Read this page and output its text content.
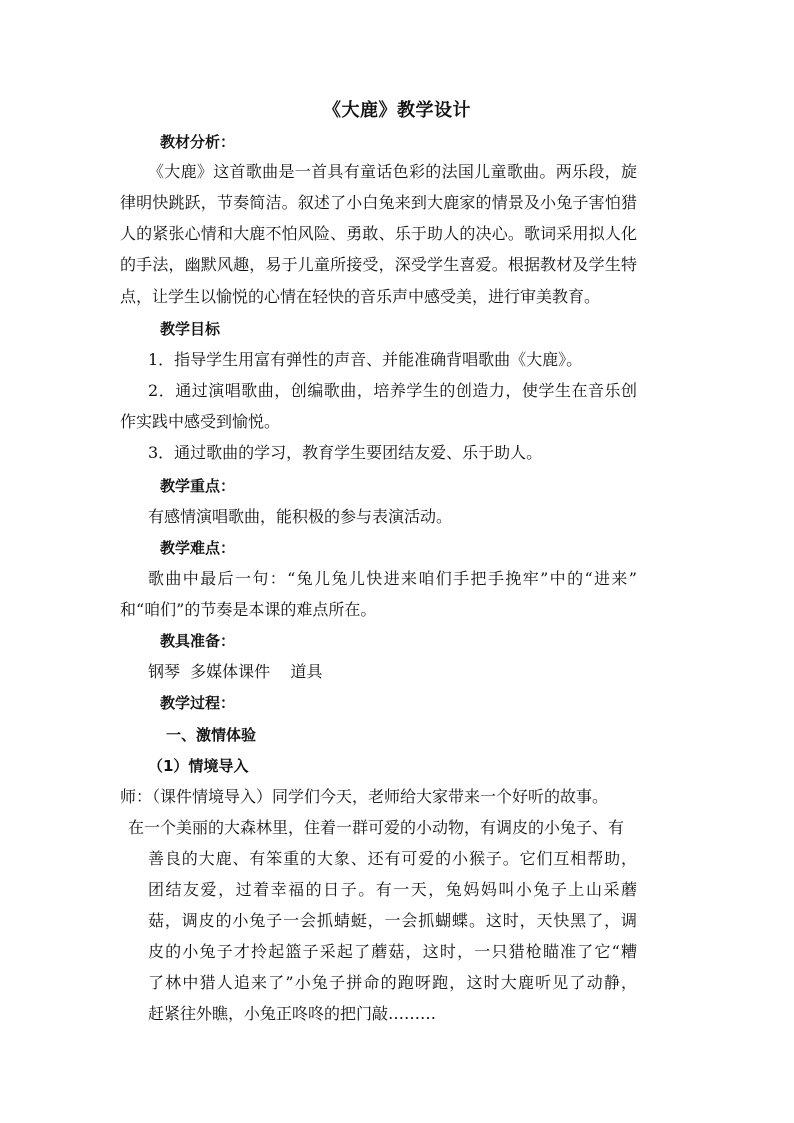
《大鹿》教学设计
教材分析：
《大鹿》这首歌曲是一首具有童话色彩的法国儿童歌曲。两乐段，旋
律明快跳跃，节奏简洁。叙述了小白兔来到大鹿家的情景及小兔子害怕猎
人的紧张心情和大鹿不怕风险、勇敢、乐于助人的决心。歌词采用拟人化
的手法，幽默风趣，易于儿童所接受，深受学生喜爱。根据教材及学生特
点，让学生以愉悦的心情在轻快的音乐声中感受美，进行审美教育。
教学目标
1．指导学生用富有弹性的声音、并能准确背唱歌曲《大鹿》。
2．通过演唱歌曲，创编歌曲，培养学生的创造力，使学生在音乐创
作实践中感受到愉悦。
3．通过歌曲的学习，教育学生要团结友爱、乐于助人。
教学重点：
有感情演唱歌曲，能积极的参与表演活动。
教学难点：
歌曲中最后一句：“兔儿兔儿快进来咱们手把手挽牢”中的“进来”
和“咱们”的节奏是本课的难点所在。
教具准备：
钢琴  多媒体课件    道具
教学过程：
一、激情体验
（1）情境导入
师：（课件情境导入）同学们今天，老师给大家带来一个好听的故事。
在一个美丽的大森林里，住着一群可爱的小动物，有调皮的小兔子、有
善良的大鹿、有笨重的大象、还有可爱的小猴子。它们互相帮助，
团结友爱，过着幸福的日子。有一天，兔妈妈叫小兔子上山采蘑
菇，调皮的小兔子一会抓蜻蜓，一会抓蝴蝶。这时，天快黑了，调
皮的小兔子才拎起篮子采起了蘑菇，这时，一只猎枪瞄准了它“糟
了林中猎人追来了”小兔子拼命的跑呀跑，这时大鹿听见了动静，
赶紧往外瞧，小兔正咚咚的把门敲………
